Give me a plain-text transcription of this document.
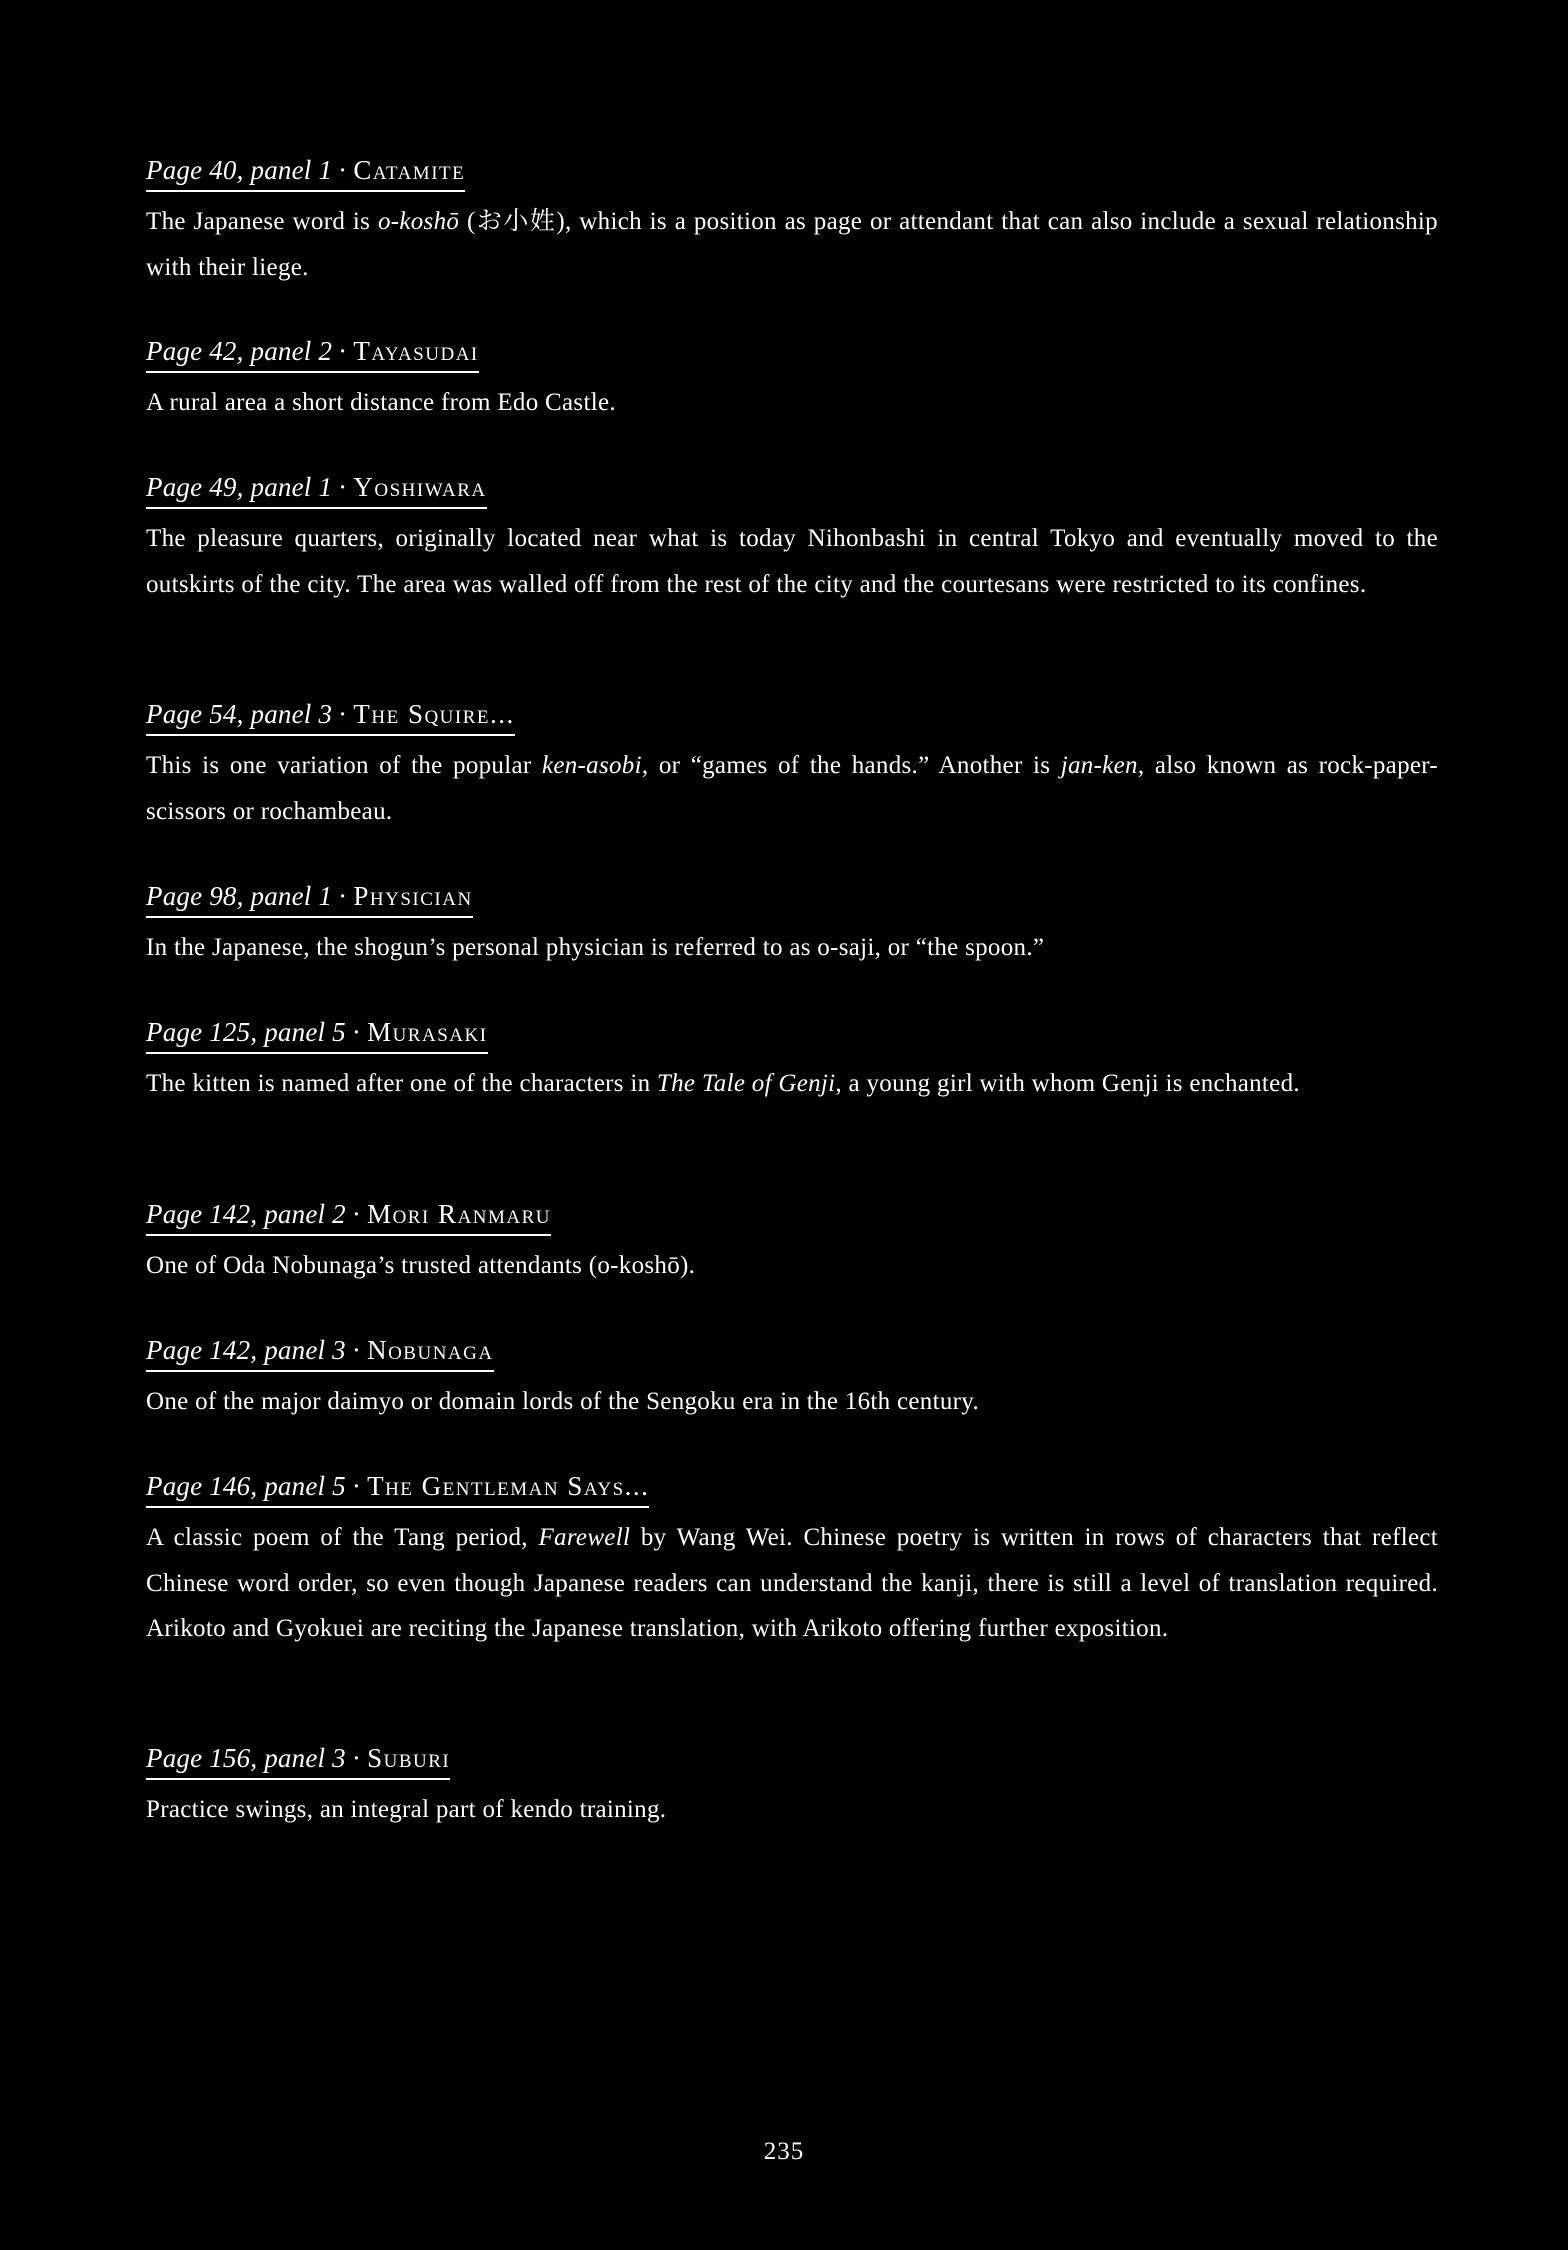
Page 40, panel 1 · Catamite

The Japanese word is o-koshō (お小姓), which is a position as page or attendant that can also include a sexual relationship with their liege.

Page 42, panel 2 · Tayasudai

A rural area a short distance from Edo Castle.

Page 49, panel 1 · Yoshiwara

The pleasure quarters, originally located near what is today Nihonbashi in central Tokyo and eventually moved to the outskirts of the city. The area was walled off from the rest of the city and the courtesans were restricted to its confines.

Page 54, panel 3 · The Squire...

This is one variation of the popular ken-asobi, or “games of the hands.” Another is jan-ken, also known as rock-paper-scissors or rochambeau.

Page 98, panel 1 · Physician

In the Japanese, the shogun’s personal physician is referred to as o-saji, or “the spoon.”

Page 125, panel 5 · Murasaki

The kitten is named after one of the characters in The Tale of Genji, a young girl with whom Genji is enchanted.

Page 142, panel 2 · Mori Ranmaru

One of Oda Nobunaga’s trusted attendants (o-koshō).

Page 142, panel 3 · Nobunaga

One of the major daimyo or domain lords of the Sengoku era in the 16th century.

Page 146, panel 5 · The Gentleman Says...

A classic poem of the Tang period, Farewell by Wang Wei. Chinese poetry is written in rows of characters that reflect Chinese word order, so even though Japanese readers can understand the kanji, there is still a level of translation required. Arikoto and Gyokuei are reciting the Japanese translation, with Arikoto offering further exposition.

Page 156, panel 3 · Suburi

Practice swings, an integral part of kendo training.

235
